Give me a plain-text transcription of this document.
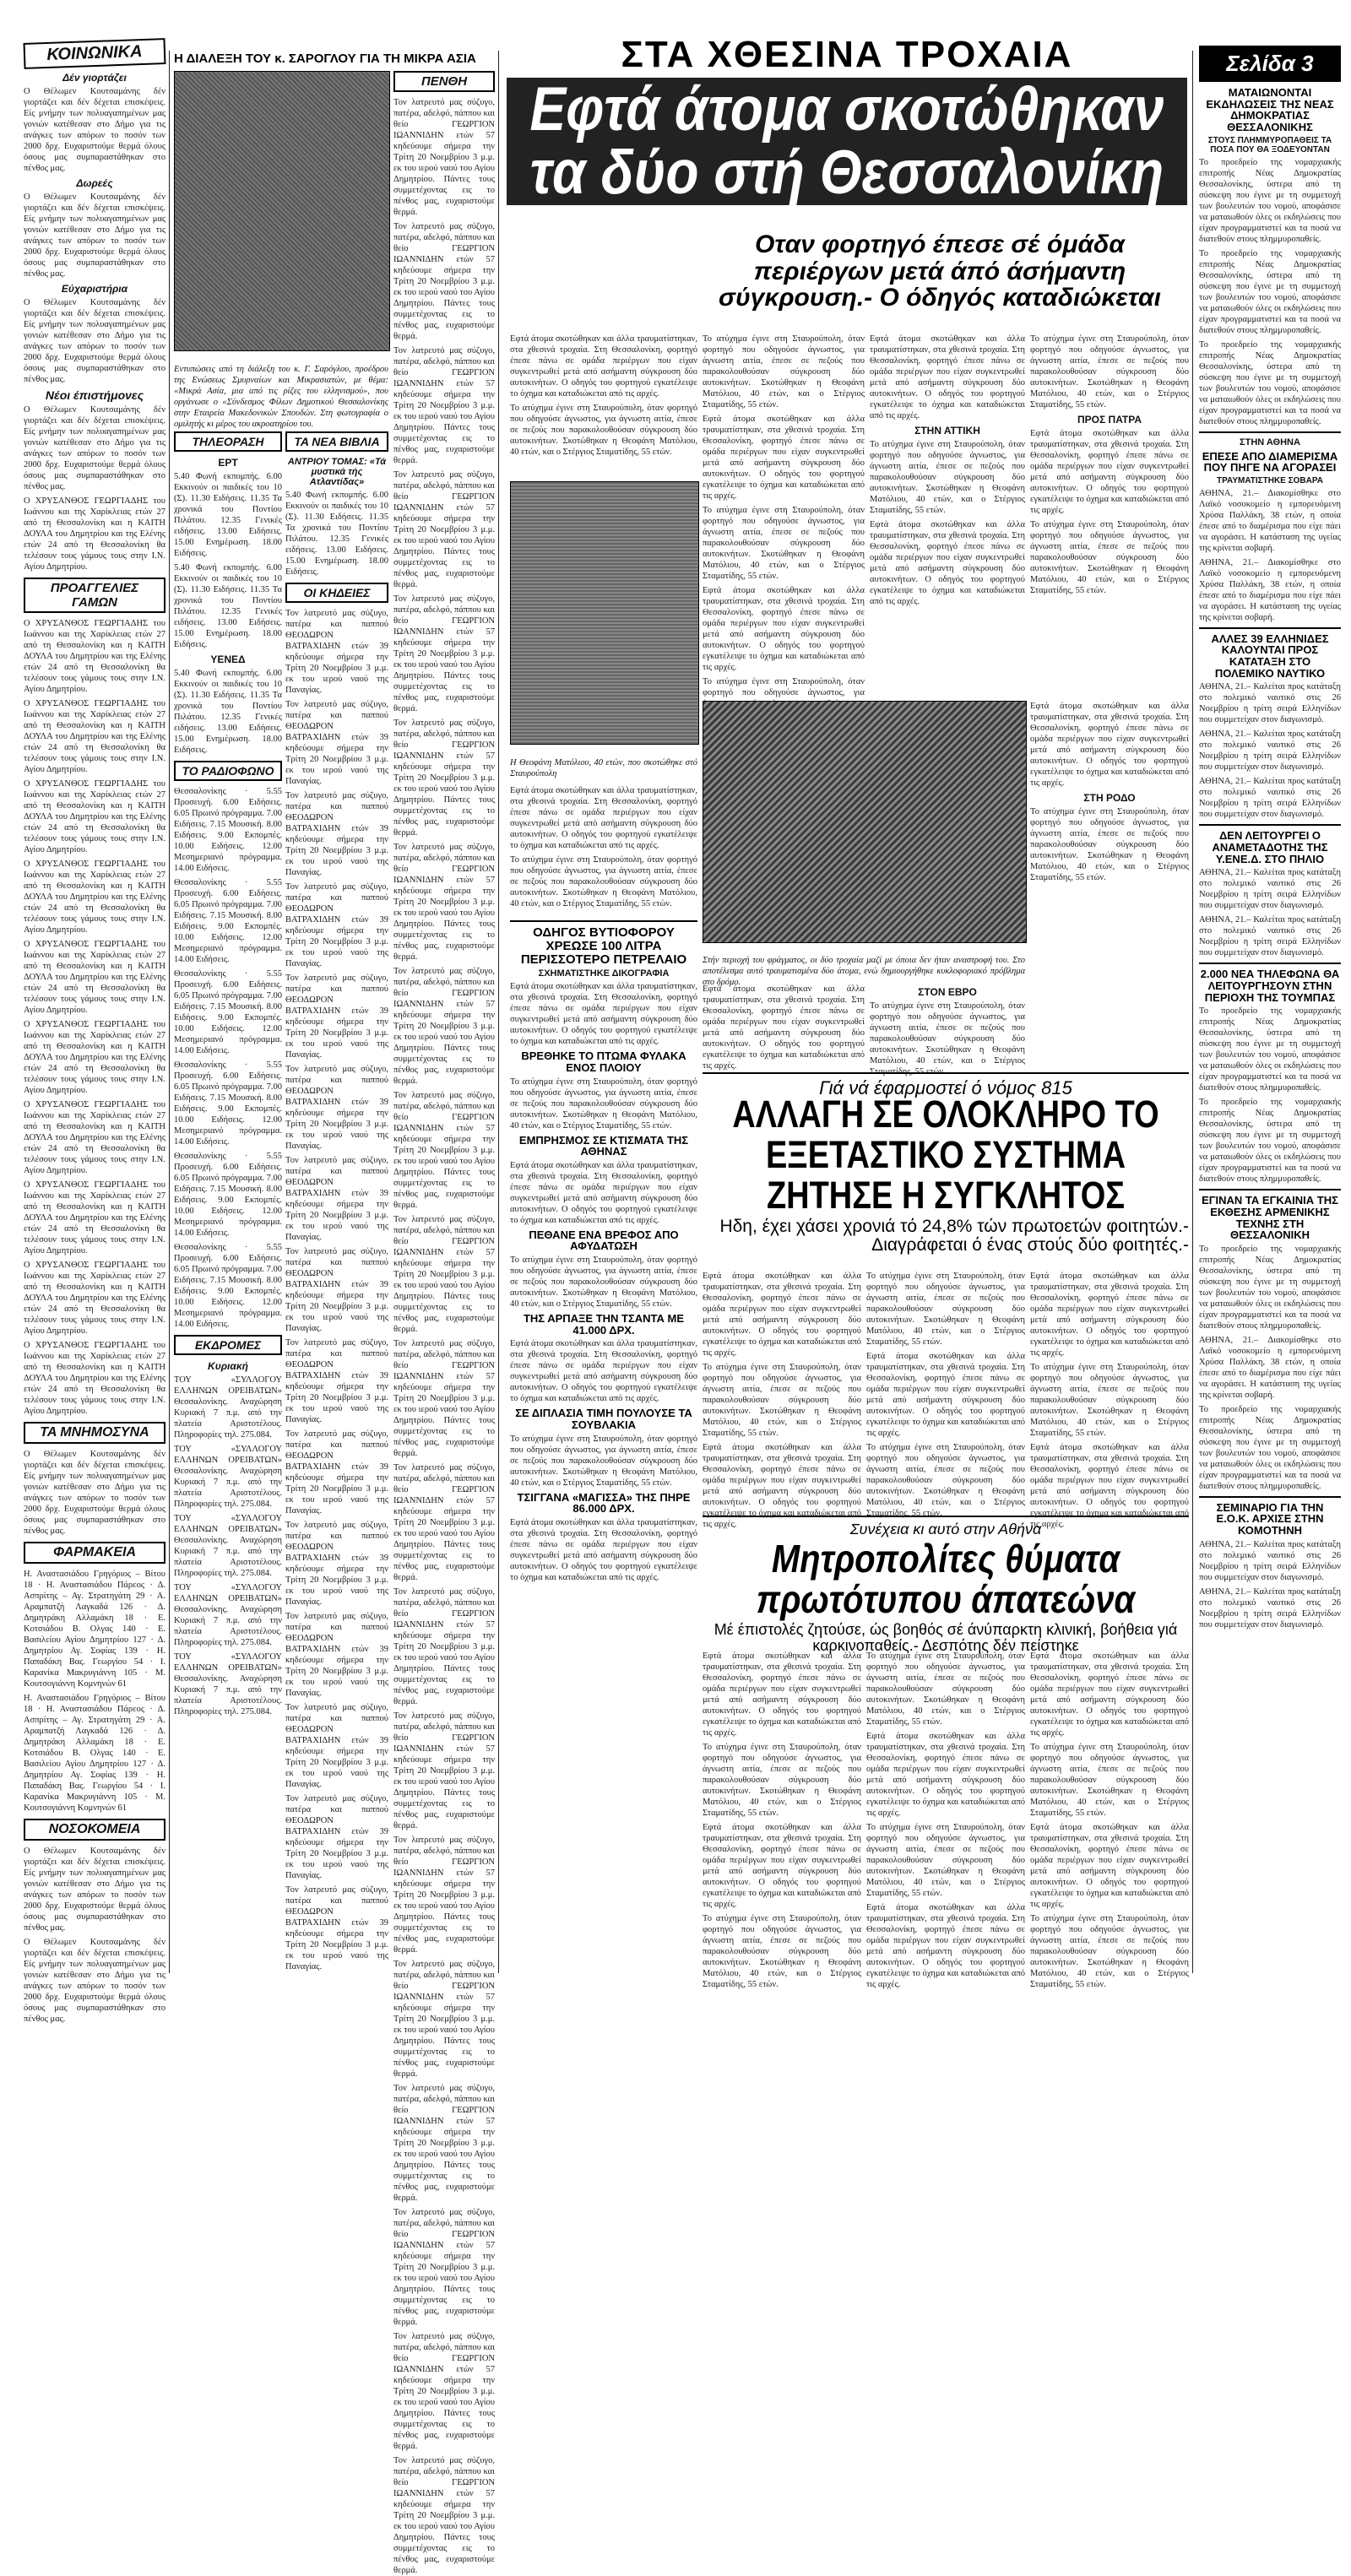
ΚΟΙΝΩΝΙΚΑ
Δέν γιορτάζει

Ο Θέλωμεν Κουτσαμάνης δέν γιορτάζει και δέν δέχεται επισκέψεις. Είς μνήμην των πολυαγαπημένων μας γονιών κατέθεσαν στο Δήμο για τις ανάγκες των απόρων το ποσόν των 2000 δρχ. Ευχαριστούμε θερμά όλους όσους μας συμπαραστάθηκαν στο πένθος μας.

Δωρεές

Ο Θέλωμεν Κουτσαμάνης δέν γιορτάζει και δέν δέχεται επισκέψεις. Είς μνήμην των πολυαγαπημένων μας γονιών κατέθεσαν στο Δήμο για τις ανάγκες των απόρων το ποσόν των 2000 δρχ. Ευχαριστούμε θερμά όλους όσους μας συμπαραστάθηκαν στο πένθος μας.

Εύχαριστήρια

Ο Θέλωμεν Κουτσαμάνης δέν γιορτάζει και δέν δέχεται επισκέψεις. Είς μνήμην των πολυαγαπημένων μας γονιών κατέθεσαν στο Δήμο για τις ανάγκες των απόρων το ποσόν των 2000 δρχ. Ευχαριστούμε θερμά όλους όσους μας συμπαραστάθηκαν στο πένθος μας.

Νέοι έπιστήμονες

Ο Θέλωμεν Κουτσαμάνης δέν γιορτάζει και δέν δέχεται επισκέψεις. Είς μνήμην των πολυαγαπημένων μας γονιών κατέθεσαν στο Δήμο για τις ανάγκες των απόρων το ποσόν των 2000 δρχ. Ευχαριστούμε θερμά όλους όσους μας συμπαραστάθηκαν στο πένθος μας.

Ο ΧΡΥΣΑΝΘΟΣ ΓΕΩΡΓΙΑΔΗΣ του Ιωάννου και της Χαρίκλειας ετών 27 από τη Θεσσαλονίκη και η ΚΑΙΤΗ ΔΟΥΛΑ του Δημητρίου και της Ελένης ετών 24 από τη Θεσσαλονίκη θα τελέσουν τους γάμους τους στην Ι.Ν. Αγίου Δημητρίου.

ΠΡΟΑΓΓΕΛΙΕΣ ΓΑΜΩΝ

Ο ΧΡΥΣΑΝΘΟΣ ΓΕΩΡΓΙΑΔΗΣ του Ιωάννου και της Χαρίκλειας ετών 27 από τη Θεσσαλονίκη και η ΚΑΙΤΗ ΔΟΥΛΑ του Δημητρίου και της Ελένης ετών 24 από τη Θεσσαλονίκη θα τελέσουν τους γάμους τους στην Ι.Ν. Αγίου Δημητρίου.

Ο ΧΡΥΣΑΝΘΟΣ ΓΕΩΡΓΙΑΔΗΣ του Ιωάννου και της Χαρίκλειας ετών 27 από τη Θεσσαλονίκη και η ΚΑΙΤΗ ΔΟΥΛΑ του Δημητρίου και της Ελένης ετών 24 από τη Θεσσαλονίκη θα τελέσουν τους γάμους τους στην Ι.Ν. Αγίου Δημητρίου.

Ο ΧΡΥΣΑΝΘΟΣ ΓΕΩΡΓΙΑΔΗΣ του Ιωάννου και της Χαρίκλειας ετών 27 από τη Θεσσαλονίκη και η ΚΑΙΤΗ ΔΟΥΛΑ του Δημητρίου και της Ελένης ετών 24 από τη Θεσσαλονίκη θα τελέσουν τους γάμους τους στην Ι.Ν. Αγίου Δημητρίου.

Ο ΧΡΥΣΑΝΘΟΣ ΓΕΩΡΓΙΑΔΗΣ του Ιωάννου και της Χαρίκλειας ετών 27 από τη Θεσσαλονίκη και η ΚΑΙΤΗ ΔΟΥΛΑ του Δημητρίου και της Ελένης ετών 24 από τη Θεσσαλονίκη θα τελέσουν τους γάμους τους στην Ι.Ν. Αγίου Δημητρίου.

Ο ΧΡΥΣΑΝΘΟΣ ΓΕΩΡΓΙΑΔΗΣ του Ιωάννου και της Χαρίκλειας ετών 27 από τη Θεσσαλονίκη και η ΚΑΙΤΗ ΔΟΥΛΑ του Δημητρίου και της Ελένης ετών 24 από τη Θεσσαλονίκη θα τελέσουν τους γάμους τους στην Ι.Ν. Αγίου Δημητρίου.

Ο ΧΡΥΣΑΝΘΟΣ ΓΕΩΡΓΙΑΔΗΣ του Ιωάννου και της Χαρίκλειας ετών 27 από τη Θεσσαλονίκη και η ΚΑΙΤΗ ΔΟΥΛΑ του Δημητρίου και της Ελένης ετών 24 από τη Θεσσαλονίκη θα τελέσουν τους γάμους τους στην Ι.Ν. Αγίου Δημητρίου.

Ο ΧΡΥΣΑΝΘΟΣ ΓΕΩΡΓΙΑΔΗΣ του Ιωάννου και της Χαρίκλειας ετών 27 από τη Θεσσαλονίκη και η ΚΑΙΤΗ ΔΟΥΛΑ του Δημητρίου και της Ελένης ετών 24 από τη Θεσσαλονίκη θα τελέσουν τους γάμους τους στην Ι.Ν. Αγίου Δημητρίου.

Ο ΧΡΥΣΑΝΘΟΣ ΓΕΩΡΓΙΑΔΗΣ του Ιωάννου και της Χαρίκλειας ετών 27 από τη Θεσσαλονίκη και η ΚΑΙΤΗ ΔΟΥΛΑ του Δημητρίου και της Ελένης ετών 24 από τη Θεσσαλονίκη θα τελέσουν τους γάμους τους στην Ι.Ν. Αγίου Δημητρίου.

Ο ΧΡΥΣΑΝΘΟΣ ΓΕΩΡΓΙΑΔΗΣ του Ιωάννου και της Χαρίκλειας ετών 27 από τη Θεσσαλονίκη και η ΚΑΙΤΗ ΔΟΥΛΑ του Δημητρίου και της Ελένης ετών 24 από τη Θεσσαλονίκη θα τελέσουν τους γάμους τους στην Ι.Ν. Αγίου Δημητρίου.

Ο ΧΡΥΣΑΝΘΟΣ ΓΕΩΡΓΙΑΔΗΣ του Ιωάννου και της Χαρίκλειας ετών 27 από τη Θεσσαλονίκη και η ΚΑΙΤΗ ΔΟΥΛΑ του Δημητρίου και της Ελένης ετών 24 από τη Θεσσαλονίκη θα τελέσουν τους γάμους τους στην Ι.Ν. Αγίου Δημητρίου.

ΤΑ ΜΝΗΜΟΣΥΝΑ

Ο Θέλωμεν Κουτσαμάνης δέν γιορτάζει και δέν δέχεται επισκέψεις. Είς μνήμην των πολυαγαπημένων μας γονιών κατέθεσαν στο Δήμο για τις ανάγκες των απόρων το ποσόν των 2000 δρχ. Ευχαριστούμε θερμά όλους όσους μας συμπαραστάθηκαν στο πένθος μας.

ΦΑΡΜΑΚΕΙΑ

Η. Αναστασιάδου Γρηγόριος – Βίτου 18 · Η. Αναστασιάδου Πάρεος · Δ. Ασπρίτης – Αγ. Στρατηγάτη 29 · Α. Αραμπατζή Λαγκαδά 126 · Δ. Δημητράκη Αλλαμάκη 18 · Ε. Κοτσιάδου Β. Ολγας 140 · Ε. Βασιλείου Αγίου Δημητρίου 127 · Δ. Δημητρίου Αγ. Σοφίας 139 · Η. Παπαδάκη Βας. Γεωργίου 54 · Ι. Καρανίκα Μακρυγιάννη 105 · Μ. Κουτσογιάννη Κομνηνών 61

Η. Αναστασιάδου Γρηγόριος – Βίτου 18 · Η. Αναστασιάδου Πάρεος · Δ. Ασπρίτης – Αγ. Στρατηγάτη 29 · Α. Αραμπατζή Λαγκαδά 126 · Δ. Δημητράκη Αλλαμάκη 18 · Ε. Κοτσιάδου Β. Ολγας 140 · Ε. Βασιλείου Αγίου Δημητρίου 127 · Δ. Δημητρίου Αγ. Σοφίας 139 · Η. Παπαδάκη Βας. Γεωργίου 54 · Ι. Καρανίκα Μακρυγιάννη 105 · Μ. Κουτσογιάννη Κομνηνών 61

ΝΟΣΟΚΟΜΕΙΑ

Ο Θέλωμεν Κουτσαμάνης δέν γιορτάζει και δέν δέχεται επισκέψεις. Είς μνήμην των πολυαγαπημένων μας γονιών κατέθεσαν στο Δήμο για τις ανάγκες των απόρων το ποσόν των 2000 δρχ. Ευχαριστούμε θερμά όλους όσους μας συμπαραστάθηκαν στο πένθος μας.

Ο Θέλωμεν Κουτσαμάνης δέν γιορτάζει και δέν δέχεται επισκέψεις. Είς μνήμην των πολυαγαπημένων μας γονιών κατέθεσαν στο Δήμο για τις ανάγκες των απόρων το ποσόν των 2000 δρχ. Ευχαριστούμε θερμά όλους όσους μας συμπαραστάθηκαν στο πένθος μας.

Η ΔΙΑΛΕΞΗ ΤΟΥ κ. ΣΑΡΟΓΛΟΥ ΓΙΑ ΤΗ ΜΙΚΡΑ ΑΣΙΑ

Εντυπώσεις από τη διάλεξη του κ. Γ. Σαρόγλου, προέδρου της Ενώσεως Σμυρναίων και Μικρασιατών, με θέμα: «Μικρά Ασία, μια από τις ρίζες του ελληνισμού», που οργάνωσε ο «Σύνδεσμος Φίλων Δημοτικού Θεσσαλονίκης στην Εταιρεία Μακεδονικών Σπουδών. Στη φωτογραφία ο ομιλητής κι μέρος του ακροατηρίου του.

ΠΕΝΘΗ

Τον λατρευτό μας σύζυγο, πατέρα, αδελφό, πάππου και θείο ΓΕΩΡΓΙΟΝ ΙΩΑΝΝΙΔΗΝ ετών 57 κηδεύουμε σήμερα την Τρίτη 20 Νοεμβρίου 3 μ.μ. εκ του ιερού ναού του Αγίου Δημητρίου. Πάντες τους συμμετέχοντας εις το πένθος μας, ευχαριστούμε θερμά.

Τον λατρευτό μας σύζυγο, πατέρα, αδελφό, πάππου και θείο ΓΕΩΡΓΙΟΝ ΙΩΑΝΝΙΔΗΝ ετών 57 κηδεύουμε σήμερα την Τρίτη 20 Νοεμβρίου 3 μ.μ. εκ του ιερού ναού του Αγίου Δημητρίου. Πάντες τους συμμετέχοντας εις το πένθος μας, ευχαριστούμε θερμά.

Τον λατρευτό μας σύζυγο, πατέρα, αδελφό, πάππου και θείο ΓΕΩΡΓΙΟΝ ΙΩΑΝΝΙΔΗΝ ετών 57 κηδεύουμε σήμερα την Τρίτη 20 Νοεμβρίου 3 μ.μ. εκ του ιερού ναού του Αγίου Δημητρίου. Πάντες τους συμμετέχοντας εις το πένθος μας, ευχαριστούμε θερμά.

Τον λατρευτό μας σύζυγο, πατέρα, αδελφό, πάππου και θείο ΓΕΩΡΓΙΟΝ ΙΩΑΝΝΙΔΗΝ ετών 57 κηδεύουμε σήμερα την Τρίτη 20 Νοεμβρίου 3 μ.μ. εκ του ιερού ναού του Αγίου Δημητρίου. Πάντες τους συμμετέχοντας εις το πένθος μας, ευχαριστούμε θερμά.

Τον λατρευτό μας σύζυγο, πατέρα, αδελφό, πάππου και θείο ΓΕΩΡΓΙΟΝ ΙΩΑΝΝΙΔΗΝ ετών 57 κηδεύουμε σήμερα την Τρίτη 20 Νοεμβρίου 3 μ.μ. εκ του ιερού ναού του Αγίου Δημητρίου. Πάντες τους συμμετέχοντας εις το πένθος μας, ευχαριστούμε θερμά.

Τον λατρευτό μας σύζυγο, πατέρα, αδελφό, πάππου και θείο ΓΕΩΡΓΙΟΝ ΙΩΑΝΝΙΔΗΝ ετών 57 κηδεύουμε σήμερα την Τρίτη 20 Νοεμβρίου 3 μ.μ. εκ του ιερού ναού του Αγίου Δημητρίου. Πάντες τους συμμετέχοντας εις το πένθος μας, ευχαριστούμε θερμά.

Τον λατρευτό μας σύζυγο, πατέρα, αδελφό, πάππου και θείο ΓΕΩΡΓΙΟΝ ΙΩΑΝΝΙΔΗΝ ετών 57 κηδεύουμε σήμερα την Τρίτη 20 Νοεμβρίου 3 μ.μ. εκ του ιερού ναού του Αγίου Δημητρίου. Πάντες τους συμμετέχοντας εις το πένθος μας, ευχαριστούμε θερμά.

Τον λατρευτό μας σύζυγο, πατέρα, αδελφό, πάππου και θείο ΓΕΩΡΓΙΟΝ ΙΩΑΝΝΙΔΗΝ ετών 57 κηδεύουμε σήμερα την Τρίτη 20 Νοεμβρίου 3 μ.μ. εκ του ιερού ναού του Αγίου Δημητρίου. Πάντες τους συμμετέχοντας εις το πένθος μας, ευχαριστούμε θερμά.

Τον λατρευτό μας σύζυγο, πατέρα, αδελφό, πάππου και θείο ΓΕΩΡΓΙΟΝ ΙΩΑΝΝΙΔΗΝ ετών 57 κηδεύουμε σήμερα την Τρίτη 20 Νοεμβρίου 3 μ.μ. εκ του ιερού ναού του Αγίου Δημητρίου. Πάντες τους συμμετέχοντας εις το πένθος μας, ευχαριστούμε θερμά.

Τον λατρευτό μας σύζυγο, πατέρα, αδελφό, πάππου και θείο ΓΕΩΡΓΙΟΝ ΙΩΑΝΝΙΔΗΝ ετών 57 κηδεύουμε σήμερα την Τρίτη 20 Νοεμβρίου 3 μ.μ. εκ του ιερού ναού του Αγίου Δημητρίου. Πάντες τους συμμετέχοντας εις το πένθος μας, ευχαριστούμε θερμά.

Τον λατρευτό μας σύζυγο, πατέρα, αδελφό, πάππου και θείο ΓΕΩΡΓΙΟΝ ΙΩΑΝΝΙΔΗΝ ετών 57 κηδεύουμε σήμερα την Τρίτη 20 Νοεμβρίου 3 μ.μ. εκ του ιερού ναού του Αγίου Δημητρίου. Πάντες τους συμμετέχοντας εις το πένθος μας, ευχαριστούμε θερμά.

Τον λατρευτό μας σύζυγο, πατέρα, αδελφό, πάππου και θείο ΓΕΩΡΓΙΟΝ ΙΩΑΝΝΙΔΗΝ ετών 57 κηδεύουμε σήμερα την Τρίτη 20 Νοεμβρίου 3 μ.μ. εκ του ιερού ναού του Αγίου Δημητρίου. Πάντες τους συμμετέχοντας εις το πένθος μας, ευχαριστούμε θερμά.

Τον λατρευτό μας σύζυγο, πατέρα, αδελφό, πάππου και θείο ΓΕΩΡΓΙΟΝ ΙΩΑΝΝΙΔΗΝ ετών 57 κηδεύουμε σήμερα την Τρίτη 20 Νοεμβρίου 3 μ.μ. εκ του ιερού ναού του Αγίου Δημητρίου. Πάντες τους συμμετέχοντας εις το πένθος μας, ευχαριστούμε θερμά.

Τον λατρευτό μας σύζυγο, πατέρα, αδελφό, πάππου και θείο ΓΕΩΡΓΙΟΝ ΙΩΑΝΝΙΔΗΝ ετών 57 κηδεύουμε σήμερα την Τρίτη 20 Νοεμβρίου 3 μ.μ. εκ του ιερού ναού του Αγίου Δημητρίου. Πάντες τους συμμετέχοντας εις το πένθος μας, ευχαριστούμε θερμά.

Τον λατρευτό μας σύζυγο, πατέρα, αδελφό, πάππου και θείο ΓΕΩΡΓΙΟΝ ΙΩΑΝΝΙΔΗΝ ετών 57 κηδεύουμε σήμερα την Τρίτη 20 Νοεμβρίου 3 μ.μ. εκ του ιερού ναού του Αγίου Δημητρίου. Πάντες τους συμμετέχοντας εις το πένθος μας, ευχαριστούμε θερμά.

Τον λατρευτό μας σύζυγο, πατέρα, αδελφό, πάππου και θείο ΓΕΩΡΓΙΟΝ ΙΩΑΝΝΙΔΗΝ ετών 57 κηδεύουμε σήμερα την Τρίτη 20 Νοεμβρίου 3 μ.μ. εκ του ιερού ναού του Αγίου Δημητρίου. Πάντες τους συμμετέχοντας εις το πένθος μας, ευχαριστούμε θερμά.

Τον λατρευτό μας σύζυγο, πατέρα, αδελφό, πάππου και θείο ΓΕΩΡΓΙΟΝ ΙΩΑΝΝΙΔΗΝ ετών 57 κηδεύουμε σήμερα την Τρίτη 20 Νοεμβρίου 3 μ.μ. εκ του ιερού ναού του Αγίου Δημητρίου. Πάντες τους συμμετέχοντας εις το πένθος μας, ευχαριστούμε θερμά.

Τον λατρευτό μας σύζυγο, πατέρα, αδελφό, πάππου και θείο ΓΕΩΡΓΙΟΝ ΙΩΑΝΝΙΔΗΝ ετών 57 κηδεύουμε σήμερα την Τρίτη 20 Νοεμβρίου 3 μ.μ. εκ του ιερού ναού του Αγίου Δημητρίου. Πάντες τους συμμετέχοντας εις το πένθος μας, ευχαριστούμε θερμά.

Τον λατρευτό μας σύζυγο, πατέρα, αδελφό, πάππου και θείο ΓΕΩΡΓΙΟΝ ΙΩΑΝΝΙΔΗΝ ετών 57 κηδεύουμε σήμερα την Τρίτη 20 Νοεμβρίου 3 μ.μ. εκ του ιερού ναού του Αγίου Δημητρίου. Πάντες τους συμμετέχοντας εις το πένθος μας, ευχαριστούμε θερμά.

Τον λατρευτό μας σύζυγο, πατέρα, αδελφό, πάππου και θείο ΓΕΩΡΓΙΟΝ ΙΩΑΝΝΙΔΗΝ ετών 57 κηδεύουμε σήμερα την Τρίτη 20 Νοεμβρίου 3 μ.μ. εκ του ιερού ναού του Αγίου Δημητρίου. Πάντες τους συμμετέχοντας εις το πένθος μας, ευχαριστούμε θερμά.

ΤΗΛΕΟΡΑΣΗ
ΕΡΤ

5.40 Φωνή εκπομπής. 6.00 Εκκινούν οι παιδικές του 10 (Σ). 11.30 Ειδήσεις. 11.35 Τα χρονικά του Ποντίου Πιλάτου. 12.35 Γενικές ειδήσεις. 13.00 Ειδήσεις. 15.00 Ενημέρωση. 18.00 Ειδήσεις.

5.40 Φωνή εκπομπής. 6.00 Εκκινούν οι παιδικές του 10 (Σ). 11.30 Ειδήσεις. 11.35 Τα χρονικά του Ποντίου Πιλάτου. 12.35 Γενικές ειδήσεις. 13.00 Ειδήσεις. 15.00 Ενημέρωση. 18.00 Ειδήσεις.

ΥΕΝΕΔ

5.40 Φωνή εκπομπής. 6.00 Εκκινούν οι παιδικές του 10 (Σ). 11.30 Ειδήσεις. 11.35 Τα χρονικά του Ποντίου Πιλάτου. 12.35 Γενικές ειδήσεις. 13.00 Ειδήσεις. 15.00 Ενημέρωση. 18.00 Ειδήσεις.

ΤΟ ΡΑΔΙΟΦΩΝΟ

Θεσσαλονίκης · 5.55 Προσευχή. 6.00 Ειδήσεις. 6.05 Πρωινό πρόγραμμα. 7.00 Ειδήσεις. 7.15 Μουσική. 8.00 Ειδήσεις. 9.00 Εκπομπές. 10.00 Ειδήσεις. 12.00 Μεσημεριανό πρόγραμμα. 14.00 Ειδήσεις.

Θεσσαλονίκης · 5.55 Προσευχή. 6.00 Ειδήσεις. 6.05 Πρωινό πρόγραμμα. 7.00 Ειδήσεις. 7.15 Μουσική. 8.00 Ειδήσεις. 9.00 Εκπομπές. 10.00 Ειδήσεις. 12.00 Μεσημεριανό πρόγραμμα. 14.00 Ειδήσεις.

Θεσσαλονίκης · 5.55 Προσευχή. 6.00 Ειδήσεις. 6.05 Πρωινό πρόγραμμα. 7.00 Ειδήσεις. 7.15 Μουσική. 8.00 Ειδήσεις. 9.00 Εκπομπές. 10.00 Ειδήσεις. 12.00 Μεσημεριανό πρόγραμμα. 14.00 Ειδήσεις.

Θεσσαλονίκης · 5.55 Προσευχή. 6.00 Ειδήσεις. 6.05 Πρωινό πρόγραμμα. 7.00 Ειδήσεις. 7.15 Μουσική. 8.00 Ειδήσεις. 9.00 Εκπομπές. 10.00 Ειδήσεις. 12.00 Μεσημεριανό πρόγραμμα. 14.00 Ειδήσεις.

Θεσσαλονίκης · 5.55 Προσευχή. 6.00 Ειδήσεις. 6.05 Πρωινό πρόγραμμα. 7.00 Ειδήσεις. 7.15 Μουσική. 8.00 Ειδήσεις. 9.00 Εκπομπές. 10.00 Ειδήσεις. 12.00 Μεσημεριανό πρόγραμμα. 14.00 Ειδήσεις.

Θεσσαλονίκης · 5.55 Προσευχή. 6.00 Ειδήσεις. 6.05 Πρωινό πρόγραμμα. 7.00 Ειδήσεις. 7.15 Μουσική. 8.00 Ειδήσεις. 9.00 Εκπομπές. 10.00 Ειδήσεις. 12.00 Μεσημεριανό πρόγραμμα. 14.00 Ειδήσεις.

ΕΚΔΡΟΜΕΣ
Κυριακή

ΤΟΥ «ΣΥΛΛΟΓΟΥ ΕΛΛΗΝΩΝ ΟΡΕΙΒΑΤΩΝ» Θεσσαλονίκης. Αναχώρηση Κυριακή 7 π.μ. από την πλατεία Αριστοτέλους. Πληροφορίες τηλ. 275.084.

ΤΟΥ «ΣΥΛΛΟΓΟΥ ΕΛΛΗΝΩΝ ΟΡΕΙΒΑΤΩΝ» Θεσσαλονίκης. Αναχώρηση Κυριακή 7 π.μ. από την πλατεία Αριστοτέλους. Πληροφορίες τηλ. 275.084.

ΤΟΥ «ΣΥΛΛΟΓΟΥ ΕΛΛΗΝΩΝ ΟΡΕΙΒΑΤΩΝ» Θεσσαλονίκης. Αναχώρηση Κυριακή 7 π.μ. από την πλατεία Αριστοτέλους. Πληροφορίες τηλ. 275.084.

ΤΟΥ «ΣΥΛΛΟΓΟΥ ΕΛΛΗΝΩΝ ΟΡΕΙΒΑΤΩΝ» Θεσσαλονίκης. Αναχώρηση Κυριακή 7 π.μ. από την πλατεία Αριστοτέλους. Πληροφορίες τηλ. 275.084.

ΤΟΥ «ΣΥΛΛΟΓΟΥ ΕΛΛΗΝΩΝ ΟΡΕΙΒΑΤΩΝ» Θεσσαλονίκης. Αναχώρηση Κυριακή 7 π.μ. από την πλατεία Αριστοτέλους. Πληροφορίες τηλ. 275.084.

ΤΑ ΝΕΑ ΒΙΒΛΙΑ
ΑΝΤΡΙΟΥ ΤΟΜΑΣ: «Τά μυστικά τής Ατλαντίδας»

5.40 Φωνή εκπομπής. 6.00 Εκκινούν οι παιδικές του 10 (Σ). 11.30 Ειδήσεις. 11.35 Τα χρονικά του Ποντίου Πιλάτου. 12.35 Γενικές ειδήσεις. 13.00 Ειδήσεις. 15.00 Ενημέρωση. 18.00 Ειδήσεις.

ΟΙ ΚΗΔΕΙΕΣ

Τον λατρευτό μας σύζυγο, πατέρα και παππού ΘΕΟΔΩΡΟΝ ΒΑΤΡΑΧΙΔΗΝ ετών 39 κηδεύουμε σήμερα την Τρίτη 20 Νοεμβρίου 3 μ.μ. εκ του ιερού ναού της Παναγίας.

Τον λατρευτό μας σύζυγο, πατέρα και παππού ΘΕΟΔΩΡΟΝ ΒΑΤΡΑΧΙΔΗΝ ετών 39 κηδεύουμε σήμερα την Τρίτη 20 Νοεμβρίου 3 μ.μ. εκ του ιερού ναού της Παναγίας.

Τον λατρευτό μας σύζυγο, πατέρα και παππού ΘΕΟΔΩΡΟΝ ΒΑΤΡΑΧΙΔΗΝ ετών 39 κηδεύουμε σήμερα την Τρίτη 20 Νοεμβρίου 3 μ.μ. εκ του ιερού ναού της Παναγίας.

Τον λατρευτό μας σύζυγο, πατέρα και παππού ΘΕΟΔΩΡΟΝ ΒΑΤΡΑΧΙΔΗΝ ετών 39 κηδεύουμε σήμερα την Τρίτη 20 Νοεμβρίου 3 μ.μ. εκ του ιερού ναού της Παναγίας.

Τον λατρευτό μας σύζυγο, πατέρα και παππού ΘΕΟΔΩΡΟΝ ΒΑΤΡΑΧΙΔΗΝ ετών 39 κηδεύουμε σήμερα την Τρίτη 20 Νοεμβρίου 3 μ.μ. εκ του ιερού ναού της Παναγίας.

Τον λατρευτό μας σύζυγο, πατέρα και παππού ΘΕΟΔΩΡΟΝ ΒΑΤΡΑΧΙΔΗΝ ετών 39 κηδεύουμε σήμερα την Τρίτη 20 Νοεμβρίου 3 μ.μ. εκ του ιερού ναού της Παναγίας.

Τον λατρευτό μας σύζυγο, πατέρα και παππού ΘΕΟΔΩΡΟΝ ΒΑΤΡΑΧΙΔΗΝ ετών 39 κηδεύουμε σήμερα την Τρίτη 20 Νοεμβρίου 3 μ.μ. εκ του ιερού ναού της Παναγίας.

Τον λατρευτό μας σύζυγο, πατέρα και παππού ΘΕΟΔΩΡΟΝ ΒΑΤΡΑΧΙΔΗΝ ετών 39 κηδεύουμε σήμερα την Τρίτη 20 Νοεμβρίου 3 μ.μ. εκ του ιερού ναού της Παναγίας.

Τον λατρευτό μας σύζυγο, πατέρα και παππού ΘΕΟΔΩΡΟΝ ΒΑΤΡΑΧΙΔΗΝ ετών 39 κηδεύουμε σήμερα την Τρίτη 20 Νοεμβρίου 3 μ.μ. εκ του ιερού ναού της Παναγίας.

Τον λατρευτό μας σύζυγο, πατέρα και παππού ΘΕΟΔΩΡΟΝ ΒΑΤΡΑΧΙΔΗΝ ετών 39 κηδεύουμε σήμερα την Τρίτη 20 Νοεμβρίου 3 μ.μ. εκ του ιερού ναού της Παναγίας.

Τον λατρευτό μας σύζυγο, πατέρα και παππού ΘΕΟΔΩΡΟΝ ΒΑΤΡΑΧΙΔΗΝ ετών 39 κηδεύουμε σήμερα την Τρίτη 20 Νοεμβρίου 3 μ.μ. εκ του ιερού ναού της Παναγίας.

Τον λατρευτό μας σύζυγο, πατέρα και παππού ΘΕΟΔΩΡΟΝ ΒΑΤΡΑΧΙΔΗΝ ετών 39 κηδεύουμε σήμερα την Τρίτη 20 Νοεμβρίου 3 μ.μ. εκ του ιερού ναού της Παναγίας.

Τον λατρευτό μας σύζυγο, πατέρα και παππού ΘΕΟΔΩΡΟΝ ΒΑΤΡΑΧΙΔΗΝ ετών 39 κηδεύουμε σήμερα την Τρίτη 20 Νοεμβρίου 3 μ.μ. εκ του ιερού ναού της Παναγίας.

Τον λατρευτό μας σύζυγο, πατέρα και παππού ΘΕΟΔΩΡΟΝ ΒΑΤΡΑΧΙΔΗΝ ετών 39 κηδεύουμε σήμερα την Τρίτη 20 Νοεμβρίου 3 μ.μ. εκ του ιερού ναού της Παναγίας.

Τον λατρευτό μας σύζυγο, πατέρα και παππού ΘΕΟΔΩΡΟΝ ΒΑΤΡΑΧΙΔΗΝ ετών 39 κηδεύουμε σήμερα την Τρίτη 20 Νοεμβρίου 3 μ.μ. εκ του ιερού ναού της Παναγίας.

ΣΤΑ ΧΘΕΣΙΝΑ ΤΡΟΧΑΙΑ
Εφτά άτομα σκοτώθηκαν
τα δύο στή Θεσσαλονίκη
Οταν φορτηγό έπεσε σέ όμάδα περιέργων μετά άπό άσήμαντη σύγκρουση.- Ο όδηγός καταδιώκεται

Η Θεοφάνη Ματόλιου, 40 ετών, που σκοτώθηκε στό Σταυρούπολη

Εφτά άτομα σκοτώθηκαν και άλλα τραυματίστηκαν, στα χθεσινά τροχαία. Στη Θεσσαλονίκη, φορτηγό έπεσε πάνω σε ομάδα περιέργων που είχαν συγκεντρωθεί μετά από ασήμαντη σύγκρουση δύο αυτοκινήτων. Ο οδηγός του φορτηγού εγκατέλειψε το όχημα και καταδιώκεται από τις αρχές.

Το ατύχημα έγινε στη Σταυρούπολη, όταν φορτηγό που οδηγούσε άγνωστος, για άγνωστη αιτία, έπεσε σε πεζούς που παρακολουθούσαν σύγκρουση δύο αυτοκινήτων. Σκοτώθηκαν η Θεοφάνη Ματόλιου, 40 ετών, και ο Στέργιος Σταματίδης, 55 ετών.

Το ατύχημα έγινε στη Σταυρούπολη, όταν φορτηγό που οδηγούσε άγνωστος, για άγνωστη αιτία, έπεσε σε πεζούς που παρακολουθούσαν σύγκρουση δύο αυτοκινήτων. Σκοτώθηκαν η Θεοφάνη Ματόλιου, 40 ετών, και ο Στέργιος Σταματίδης, 55 ετών.

Εφτά άτομα σκοτώθηκαν και άλλα τραυματίστηκαν, στα χθεσινά τροχαία. Στη Θεσσαλονίκη, φορτηγό έπεσε πάνω σε ομάδα περιέργων που είχαν συγκεντρωθεί μετά από ασήμαντη σύγκρουση δύο αυτοκινήτων. Ο οδηγός του φορτηγού εγκατέλειψε το όχημα και καταδιώκεται από τις αρχές.

Το ατύχημα έγινε στη Σταυρούπολη, όταν φορτηγό που οδηγούσε άγνωστος, για άγνωστη αιτία, έπεσε σε πεζούς που παρακολουθούσαν σύγκρουση δύο αυτοκινήτων. Σκοτώθηκαν η Θεοφάνη Ματόλιου, 40 ετών, και ο Στέργιος Σταματίδης, 55 ετών.

Εφτά άτομα σκοτώθηκαν και άλλα τραυματίστηκαν, στα χθεσινά τροχαία. Στη Θεσσαλονίκη, φορτηγό έπεσε πάνω σε ομάδα περιέργων που είχαν συγκεντρωθεί μετά από ασήμαντη σύγκρουση δύο αυτοκινήτων. Ο οδηγός του φορτηγού εγκατέλειψε το όχημα και καταδιώκεται από τις αρχές.

Το ατύχημα έγινε στη Σταυρούπολη, όταν φορτηγό που οδηγούσε άγνωστος, για

Εφτά άτομα σκοτώθηκαν και άλλα τραυματίστηκαν, στα χθεσινά τροχαία. Στη Θεσσαλονίκη, φορτηγό έπεσε πάνω σε ομάδα περιέργων που είχαν συγκεντρωθεί μετά από ασήμαντη σύγκρουση δύο αυτοκινήτων. Ο οδηγός του φορτηγού εγκατέλειψε το όχημα και καταδιώκεται από τις αρχές.

ΣΤΗΝ ΑΤΤΙΚΗ

Το ατύχημα έγινε στη Σταυρούπολη, όταν φορτηγό που οδηγούσε άγνωστος, για άγνωστη αιτία, έπεσε σε πεζούς που παρακολουθούσαν σύγκρουση δύο αυτοκινήτων. Σκοτώθηκαν η Θεοφάνη Ματόλιου, 40 ετών, και ο Στέργιος Σταματίδης, 55 ετών.

Εφτά άτομα σκοτώθηκαν και άλλα τραυματίστηκαν, στα χθεσινά τροχαία. Στη Θεσσαλονίκη, φορτηγό έπεσε πάνω σε ομάδα περιέργων που είχαν συγκεντρωθεί μετά από ασήμαντη σύγκρουση δύο αυτοκινήτων. Ο οδηγός του φορτηγού εγκατέλειψε το όχημα και καταδιώκεται από τις αρχές.

Το ατύχημα έγινε στη Σταυρούπολη, όταν φορτηγό που οδηγούσε άγνωστος, για άγνωστη αιτία, έπεσε σε πεζούς που παρακολουθούσαν σύγκρουση δύο αυτοκινήτων. Σκοτώθηκαν η Θεοφάνη Ματόλιου, 40 ετών, και ο Στέργιος Σταματίδης, 55 ετών.

ΠΡΟΣ ΠΑΤΡΑ

Εφτά άτομα σκοτώθηκαν και άλλα τραυματίστηκαν, στα χθεσινά τροχαία. Στη Θεσσαλονίκη, φορτηγό έπεσε πάνω σε ομάδα περιέργων που είχαν συγκεντρωθεί μετά από ασήμαντη σύγκρουση δύο αυτοκινήτων. Ο οδηγός του φορτηγού εγκατέλειψε το όχημα και καταδιώκεται από τις αρχές.

Το ατύχημα έγινε στη Σταυρούπολη, όταν φορτηγό που οδηγούσε άγνωστος, για άγνωστη αιτία, έπεσε σε πεζούς που παρακολουθούσαν σύγκρουση δύο αυτοκινήτων. Σκοτώθηκαν η Θεοφάνη Ματόλιου, 40 ετών, και ο Στέργιος Σταματίδης, 55 ετών.

Στήν περιοχή του φράγματος, οι δύο τροχαία μαζί με όποια δεν ήταν αναστροφή του. Στο αποτέλεσμα αυτό τραυματισμένα δύο άτομα, ενώ δημιουργήθηκε κυκλοφοριακό πρόβλημα στο δρόμο.

Εφτά άτομα σκοτώθηκαν και άλλα τραυματίστηκαν, στα χθεσινά τροχαία. Στη Θεσσαλονίκη, φορτηγό έπεσε πάνω σε ομάδα περιέργων που είχαν συγκεντρωθεί μετά από ασήμαντη σύγκρουση δύο αυτοκινήτων. Ο οδηγός του φορτηγού εγκατέλειψε το όχημα και καταδιώκεται από τις αρχές.

ΣΤΗ ΡΟΔΟ

Το ατύχημα έγινε στη Σταυρούπολη, όταν φορτηγό που οδηγούσε άγνωστος, για άγνωστη αιτία, έπεσε σε πεζούς που παρακολουθούσαν σύγκρουση δύο αυτοκινήτων. Σκοτώθηκαν η Θεοφάνη Ματόλιου, 40 ετών, και ο Στέργιος Σταματίδης, 55 ετών.

Εφτά άτομα σκοτώθηκαν και άλλα τραυματίστηκαν, στα χθεσινά τροχαία. Στη Θεσσαλονίκη, φορτηγό έπεσε πάνω σε ομάδα περιέργων που είχαν συγκεντρωθεί μετά από ασήμαντη σύγκρουση δύο αυτοκινήτων. Ο οδηγός του φορτηγού εγκατέλειψε το όχημα και καταδιώκεται από τις αρχές.

Το ατύχημα έγινε στη Σταυρούπολη, όταν φορτηγό που οδηγούσε άγνωστος, για άγνωστη αιτία, έπεσε σε πεζούς που παρακολουθούσαν σύγκρουση δύο αυτοκινήτων. Σκοτώθηκαν η Θεοφάνη Ματόλιου, 40 ετών, και ο Στέργιος Σταματίδης, 55 ετών.

Εφτά άτομα σκοτώθηκαν και άλλα τραυματίστηκαν, στα χθεσινά τροχαία. Στη Θεσσαλονίκη, φορτηγό έπεσε πάνω σε ομάδα περιέργων που είχαν συγκεντρωθεί μετά από ασήμαντη σύγκρουση δύο αυτοκινήτων. Ο οδηγός του φορτηγού εγκατέλειψε το όχημα και καταδιώκεται από τις αρχές.

ΣΤΟΝ ΕΒΡΟ

Το ατύχημα έγινε στη Σταυρούπολη, όταν φορτηγό που οδηγούσε άγνωστος, για άγνωστη αιτία, έπεσε σε πεζούς που παρακολουθούσαν σύγκρουση δύο αυτοκινήτων. Σκοτώθηκαν η Θεοφάνη Ματόλιου, 40 ετών, και ο Στέργιος Σταματίδης, 55 ετών.

ΟΔΗΓΟΣ ΒΥΤΙΟΦΟΡΟΥ ΧΡΕΩΣΕ 100 ΛΙΤΡΑ ΠΕΡΙΣΣΟΤΕΡΟ ΠΕΤΡΕΛΑΙΟ
ΣΧΗΜΑΤΙΣΤΗΚΕ ΔΙΚΟΓΡΑΦΙΑ

Εφτά άτομα σκοτώθηκαν και άλλα τραυματίστηκαν, στα χθεσινά τροχαία. Στη Θεσσαλονίκη, φορτηγό έπεσε πάνω σε ομάδα περιέργων που είχαν συγκεντρωθεί μετά από ασήμαντη σύγκρουση δύο αυτοκινήτων. Ο οδηγός του φορτηγού εγκατέλειψε το όχημα και καταδιώκεται από τις αρχές.

ΒΡΕΘΗΚΕ ΤΟ ΠΤΩΜΑ ΦΥΛΑΚΑ ΕΝΟΣ ΠΛΟΙΟΥ

Το ατύχημα έγινε στη Σταυρούπολη, όταν φορτηγό που οδηγούσε άγνωστος, για άγνωστη αιτία, έπεσε σε πεζούς που παρακολουθούσαν σύγκρουση δύο αυτοκινήτων. Σκοτώθηκαν η Θεοφάνη Ματόλιου, 40 ετών, και ο Στέργιος Σταματίδης, 55 ετών.

ΕΜΠΡΗΣΜΟΣ ΣΕ ΚΤΙΣΜΑΤΑ ΤΗΣ ΑΘΗΝΑΣ

Εφτά άτομα σκοτώθηκαν και άλλα τραυματίστηκαν, στα χθεσινά τροχαία. Στη Θεσσαλονίκη, φορτηγό έπεσε πάνω σε ομάδα περιέργων που είχαν συγκεντρωθεί μετά από ασήμαντη σύγκρουση δύο αυτοκινήτων. Ο οδηγός του φορτηγού εγκατέλειψε το όχημα και καταδιώκεται από τις αρχές.

ΠΕΘΑΝΕ ΕΝΑ ΒΡΕΦΟΣ ΑΠΟ ΑΦΥΔΑΤΩΣΗ

Το ατύχημα έγινε στη Σταυρούπολη, όταν φορτηγό που οδηγούσε άγνωστος, για άγνωστη αιτία, έπεσε σε πεζούς που παρακολουθούσαν σύγκρουση δύο αυτοκινήτων. Σκοτώθηκαν η Θεοφάνη Ματόλιου, 40 ετών, και ο Στέργιος Σταματίδης, 55 ετών.

ΤΗΣ ΑΡΠΑΞΕ ΤΗΝ ΤΣΑΝΤΑ ΜΕ 41.000 ΔΡΧ.

Εφτά άτομα σκοτώθηκαν και άλλα τραυματίστηκαν, στα χθεσινά τροχαία. Στη Θεσσαλονίκη, φορτηγό έπεσε πάνω σε ομάδα περιέργων που είχαν συγκεντρωθεί μετά από ασήμαντη σύγκρουση δύο αυτοκινήτων. Ο οδηγός του φορτηγού εγκατέλειψε το όχημα και καταδιώκεται από τις αρχές.

ΣΕ ΔΙΠΛΑΣΙΑ ΤΙΜΗ ΠΟΥΛΟΥΣΕ ΤΑ ΣΟΥΒΛΑΚΙΑ

Το ατύχημα έγινε στη Σταυρούπολη, όταν φορτηγό που οδηγούσε άγνωστος, για άγνωστη αιτία, έπεσε σε πεζούς που παρακολουθούσαν σύγκρουση δύο αυτοκινήτων. Σκοτώθηκαν η Θεοφάνη Ματόλιου, 40 ετών, και ο Στέργιος Σταματίδης, 55 ετών.

ΤΣΙΓΓΑΝΑ «ΜΑΓΙΣΣΑ» ΤΗΣ ΠΗΡΕ 86.000 ΔΡΧ.

Εφτά άτομα σκοτώθηκαν και άλλα τραυματίστηκαν, στα χθεσινά τροχαία. Στη Θεσσαλονίκη, φορτηγό έπεσε πάνω σε ομάδα περιέργων που είχαν συγκεντρωθεί μετά από ασήμαντη σύγκρουση δύο αυτοκινήτων. Ο οδηγός του φορτηγού εγκατέλειψε το όχημα και καταδιώκεται από τις αρχές.

Γιά νά έφαρμοστεί ό νόμος 815
ΑΛΛΑΓΗ ΣΕ ΟΛΟΚΛΗΡΟ ΤΟ ΕΞΕΤΑΣΤΙΚΟ ΣΥΣΤΗΜΑ ΖΗΤΗΣΕ Η ΣΥΓΚΛΗΤΟΣ
Ηδη, έχει χάσει χρονιά τό 24,8% τών πρωτοετών φοιτητών.- Διαγράφεται ό ένας στούς δύο φοιτητές.-

Εφτά άτομα σκοτώθηκαν και άλλα τραυματίστηκαν, στα χθεσινά τροχαία. Στη Θεσσαλονίκη, φορτηγό έπεσε πάνω σε ομάδα περιέργων που είχαν συγκεντρωθεί μετά από ασήμαντη σύγκρουση δύο αυτοκινήτων. Ο οδηγός του φορτηγού εγκατέλειψε το όχημα και καταδιώκεται από τις αρχές.

Το ατύχημα έγινε στη Σταυρούπολη, όταν φορτηγό που οδηγούσε άγνωστος, για άγνωστη αιτία, έπεσε σε πεζούς που παρακολουθούσαν σύγκρουση δύο αυτοκινήτων. Σκοτώθηκαν η Θεοφάνη Ματόλιου, 40 ετών, και ο Στέργιος Σταματίδης, 55 ετών.

Εφτά άτομα σκοτώθηκαν και άλλα τραυματίστηκαν, στα χθεσινά τροχαία. Στη Θεσσαλονίκη, φορτηγό έπεσε πάνω σε ομάδα περιέργων που είχαν συγκεντρωθεί μετά από ασήμαντη σύγκρουση δύο αυτοκινήτων. Ο οδηγός του φορτηγού εγκατέλειψε το όχημα και καταδιώκεται από τις αρχές.

Το ατύχημα έγινε στη Σταυρούπολη, όταν φορτηγό που οδηγούσε άγνωστος, για άγνωστη αιτία, έπεσε σε πεζούς που παρακολουθούσαν σύγκρουση δύο αυτοκινήτων. Σκοτώθηκαν η Θεοφάνη Ματόλιου, 40 ετών, και ο Στέργιος Σταματίδης, 55 ετών.

Εφτά άτομα σκοτώθηκαν και άλλα τραυματίστηκαν, στα χθεσινά τροχαία. Στη Θεσσαλονίκη, φορτηγό έπεσε πάνω σε ομάδα περιέργων που είχαν συγκεντρωθεί μετά από ασήμαντη σύγκρουση δύο αυτοκινήτων. Ο οδηγός του φορτηγού εγκατέλειψε το όχημα και καταδιώκεται από τις αρχές.

Το ατύχημα έγινε στη Σταυρούπολη, όταν φορτηγό που οδηγούσε άγνωστος, για άγνωστη αιτία, έπεσε σε πεζούς που παρακολουθούσαν σύγκρουση δύο αυτοκινήτων. Σκοτώθηκαν η Θεοφάνη Ματόλιου, 40 ετών, και ο Στέργιος Σταματίδης, 55 ετών.

Εφτά άτομα σκοτώθηκαν και άλλα τραυματίστηκαν, στα χθεσινά τροχαία. Στη Θεσσαλονίκη, φορτηγό έπεσε πάνω σε ομάδα περιέργων που είχαν συγκεντρωθεί μετά από ασήμαντη σύγκρουση δύο αυτοκινήτων. Ο οδηγός του φορτηγού εγκατέλειψε το όχημα και καταδιώκεται από τις αρχές.

Το ατύχημα έγινε στη Σταυρούπολη, όταν φορτηγό που οδηγούσε άγνωστος, για άγνωστη αιτία, έπεσε σε πεζούς που παρακολουθούσαν σύγκρουση δύο αυτοκινήτων. Σκοτώθηκαν η Θεοφάνη Ματόλιου, 40 ετών, και ο Στέργιος Σταματίδης, 55 ετών.

Εφτά άτομα σκοτώθηκαν και άλλα τραυματίστηκαν, στα χθεσινά τροχαία. Στη Θεσσαλονίκη, φορτηγό έπεσε πάνω σε ομάδα περιέργων που είχαν συγκεντρωθεί μετά από ασήμαντη σύγκρουση δύο αυτοκινήτων. Ο οδηγός του φορτηγού εγκατέλειψε το όχημα και καταδιώκεται από τις αρχές.

Συνέχεια κι αυτό στην Αθήνα
Μητροπολίτες θύματα πρωτότυπου άπατεώνα
Μέ έπιστολές ζητούσε, ώς βοηθός σέ άνύπαρκτη κλινική, βοήθεια γιά καρκινοπαθείς.- Δεσπότης δέν πείστηκε

Εφτά άτομα σκοτώθηκαν και άλλα τραυματίστηκαν, στα χθεσινά τροχαία. Στη Θεσσαλονίκη, φορτηγό έπεσε πάνω σε ομάδα περιέργων που είχαν συγκεντρωθεί μετά από ασήμαντη σύγκρουση δύο αυτοκινήτων. Ο οδηγός του φορτηγού εγκατέλειψε το όχημα και καταδιώκεται από τις αρχές.

Το ατύχημα έγινε στη Σταυρούπολη, όταν φορτηγό που οδηγούσε άγνωστος, για άγνωστη αιτία, έπεσε σε πεζούς που παρακολουθούσαν σύγκρουση δύο αυτοκινήτων. Σκοτώθηκαν η Θεοφάνη Ματόλιου, 40 ετών, και ο Στέργιος Σταματίδης, 55 ετών.

Εφτά άτομα σκοτώθηκαν και άλλα τραυματίστηκαν, στα χθεσινά τροχαία. Στη Θεσσαλονίκη, φορτηγό έπεσε πάνω σε ομάδα περιέργων που είχαν συγκεντρωθεί μετά από ασήμαντη σύγκρουση δύο αυτοκινήτων. Ο οδηγός του φορτηγού εγκατέλειψε το όχημα και καταδιώκεται από τις αρχές.

Το ατύχημα έγινε στη Σταυρούπολη, όταν φορτηγό που οδηγούσε άγνωστος, για άγνωστη αιτία, έπεσε σε πεζούς που παρακολουθούσαν σύγκρουση δύο αυτοκινήτων. Σκοτώθηκαν η Θεοφάνη Ματόλιου, 40 ετών, και ο Στέργιος Σταματίδης, 55 ετών.

Το ατύχημα έγινε στη Σταυρούπολη, όταν φορτηγό που οδηγούσε άγνωστος, για άγνωστη αιτία, έπεσε σε πεζούς που παρακολουθούσαν σύγκρουση δύο αυτοκινήτων. Σκοτώθηκαν η Θεοφάνη Ματόλιου, 40 ετών, και ο Στέργιος Σταματίδης, 55 ετών.

Εφτά άτομα σκοτώθηκαν και άλλα τραυματίστηκαν, στα χθεσινά τροχαία. Στη Θεσσαλονίκη, φορτηγό έπεσε πάνω σε ομάδα περιέργων που είχαν συγκεντρωθεί μετά από ασήμαντη σύγκρουση δύο αυτοκινήτων. Ο οδηγός του φορτηγού εγκατέλειψε το όχημα και καταδιώκεται από τις αρχές.

Το ατύχημα έγινε στη Σταυρούπολη, όταν φορτηγό που οδηγούσε άγνωστος, για άγνωστη αιτία, έπεσε σε πεζούς που παρακολουθούσαν σύγκρουση δύο αυτοκινήτων. Σκοτώθηκαν η Θεοφάνη Ματόλιου, 40 ετών, και ο Στέργιος Σταματίδης, 55 ετών.

Εφτά άτομα σκοτώθηκαν και άλλα τραυματίστηκαν, στα χθεσινά τροχαία. Στη Θεσσαλονίκη, φορτηγό έπεσε πάνω σε ομάδα περιέργων που είχαν συγκεντρωθεί μετά από ασήμαντη σύγκρουση δύο αυτοκινήτων. Ο οδηγός του φορτηγού εγκατέλειψε το όχημα και καταδιώκεται από τις αρχές.

Εφτά άτομα σκοτώθηκαν και άλλα τραυματίστηκαν, στα χθεσινά τροχαία. Στη Θεσσαλονίκη, φορτηγό έπεσε πάνω σε ομάδα περιέργων που είχαν συγκεντρωθεί μετά από ασήμαντη σύγκρουση δύο αυτοκινήτων. Ο οδηγός του φορτηγού εγκατέλειψε το όχημα και καταδιώκεται από τις αρχές.

Το ατύχημα έγινε στη Σταυρούπολη, όταν φορτηγό που οδηγούσε άγνωστος, για άγνωστη αιτία, έπεσε σε πεζούς που παρακολουθούσαν σύγκρουση δύο αυτοκινήτων. Σκοτώθηκαν η Θεοφάνη Ματόλιου, 40 ετών, και ο Στέργιος Σταματίδης, 55 ετών.

Εφτά άτομα σκοτώθηκαν και άλλα τραυματίστηκαν, στα χθεσινά τροχαία. Στη Θεσσαλονίκη, φορτηγό έπεσε πάνω σε ομάδα περιέργων που είχαν συγκεντρωθεί μετά από ασήμαντη σύγκρουση δύο αυτοκινήτων. Ο οδηγός του φορτηγού εγκατέλειψε το όχημα και καταδιώκεται από τις αρχές.

Το ατύχημα έγινε στη Σταυρούπολη, όταν φορτηγό που οδηγούσε άγνωστος, για άγνωστη αιτία, έπεσε σε πεζούς που παρακολουθούσαν σύγκρουση δύο αυτοκινήτων. Σκοτώθηκαν η Θεοφάνη Ματόλιου, 40 ετών, και ο Στέργιος Σταματίδης, 55 ετών.

Σελίδα 3
ΜΑΤΑΙΩΝΟΝΤΑΙ ΕΚΔΗΛΩΣΕΙΣ ΤΗΣ ΝΕΑΣ ΔΗΜΟΚΡΑΤΙΑΣ ΘΕΣΣΑΛΟΝΙΚΗΣ
ΣΤΟΥΣ ΠΛΗΜΜΥΡΟΠΑΘΕΙΣ ΤΑ ΠΟΣΑ ΠΟΥ ΘΑ ΞΟΔΕΥΟΝΤΑΝ

Το προεδρείο της νομαρχιακής επιτροπής Νέας Δημοκρατίας Θεσσαλονίκης, ύστερα από τη σύσκεψη που έγινε με τη συμμετοχή των βουλευτών του νομού, αποφάσισε να ματαιωθούν όλες οι εκδηλώσεις που είχαν προγραμματιστεί και τα ποσά να διατεθούν στους πλημμυροπαθείς.

Το προεδρείο της νομαρχιακής επιτροπής Νέας Δημοκρατίας Θεσσαλονίκης, ύστερα από τη σύσκεψη που έγινε με τη συμμετοχή των βουλευτών του νομού, αποφάσισε να ματαιωθούν όλες οι εκδηλώσεις που είχαν προγραμματιστεί και τα ποσά να διατεθούν στους πλημμυροπαθείς.

Το προεδρείο της νομαρχιακής επιτροπής Νέας Δημοκρατίας Θεσσαλονίκης, ύστερα από τη σύσκεψη που έγινε με τη συμμετοχή των βουλευτών του νομού, αποφάσισε να ματαιωθούν όλες οι εκδηλώσεις που είχαν προγραμματιστεί και τα ποσά να διατεθούν στους πλημμυροπαθείς.

ΣΤΗΝ ΑΘΗΝΑ
ΕΠΕΣΕ ΑΠΟ ΔΙΑΜΕΡΙΣΜΑ ΠΟΥ ΠΗΓΕ ΝΑ ΑΓΟΡΑΣΕΙ
ΤΡΑΥΜΑΤΙΣΤΗΚΕ ΣΟΒΑΡΑ

ΑΘΗΝΑ, 21.– Διακομίσθηκε στο Λαϊκό νοσοκομείο η εμπορευόμενη Χρύσα Παλλάκη, 38 ετών, η οποία έπεσε από το διαμέρισμα που είχε πάει να αγοράσει. Η κατάσταση της υγείας της κρίνεται σοβαρή.

ΑΘΗΝΑ, 21.– Διακομίσθηκε στο Λαϊκό νοσοκομείο η εμπορευόμενη Χρύσα Παλλάκη, 38 ετών, η οποία έπεσε από το διαμέρισμα που είχε πάει να αγοράσει. Η κατάσταση της υγείας της κρίνεται σοβαρή.

ΑΛΛΕΣ 39 ΕΛΛΗΝΙΔΕΣ ΚΑΛΟΥΝΤΑΙ ΠΡΟΣ ΚΑΤΑΤΑΞΗ ΣΤΟ ΠΟΛΕΜΙΚΟ ΝΑΥΤΙΚΟ

ΑΘΗΝΑ, 21.– Καλείται προς κατάταξη στο πολεμικό ναυτικό στις 26 Νοεμβρίου η τρίτη σειρά Ελληνίδων που συμμετείχαν στον διαγωνισμό.

ΑΘΗΝΑ, 21.– Καλείται προς κατάταξη στο πολεμικό ναυτικό στις 26 Νοεμβρίου η τρίτη σειρά Ελληνίδων που συμμετείχαν στον διαγωνισμό.

ΑΘΗΝΑ, 21.– Καλείται προς κατάταξη στο πολεμικό ναυτικό στις 26 Νοεμβρίου η τρίτη σειρά Ελληνίδων που συμμετείχαν στον διαγωνισμό.

ΔΕΝ ΛΕΙΤΟΥΡΓΕΙ Ο ΑΝΑΜΕΤΑΔΟΤΗΣ ΤΗΣ Υ.ΕΝΕ.Δ. ΣΤΟ ΠΗΛΙΟ

ΑΘΗΝΑ, 21.– Καλείται προς κατάταξη στο πολεμικό ναυτικό στις 26 Νοεμβρίου η τρίτη σειρά Ελληνίδων που συμμετείχαν στον διαγωνισμό.

ΑΘΗΝΑ, 21.– Καλείται προς κατάταξη στο πολεμικό ναυτικό στις 26 Νοεμβρίου η τρίτη σειρά Ελληνίδων που συμμετείχαν στον διαγωνισμό.

2.000 ΝΕΑ ΤΗΛΕΦΩΝΑ ΘΑ ΛΕΙΤΟΥΡΓΗΣΟΥΝ ΣΤΗΝ ΠΕΡΙΟΧΗ ΤΗΣ ΤΟΥΜΠΑΣ

Το προεδρείο της νομαρχιακής επιτροπής Νέας Δημοκρατίας Θεσσαλονίκης, ύστερα από τη σύσκεψη που έγινε με τη συμμετοχή των βουλευτών του νομού, αποφάσισε να ματαιωθούν όλες οι εκδηλώσεις που είχαν προγραμματιστεί και τα ποσά να διατεθούν στους πλημμυροπαθείς.

Το προεδρείο της νομαρχιακής επιτροπής Νέας Δημοκρατίας Θεσσαλονίκης, ύστερα από τη σύσκεψη που έγινε με τη συμμετοχή των βουλευτών του νομού, αποφάσισε να ματαιωθούν όλες οι εκδηλώσεις που είχαν προγραμματιστεί και τα ποσά να διατεθούν στους πλημμυροπαθείς.

ΕΓΙΝΑΝ ΤΑ ΕΓΚΑΙΝΙΑ ΤΗΣ ΕΚΘΕΣΗΣ ΑΡΜΕΝΙΚΗΣ ΤΕΧΝΗΣ ΣΤΗ ΘΕΣΣΑΛΟΝΙΚΗ

Το προεδρείο της νομαρχιακής επιτροπής Νέας Δημοκρατίας Θεσσαλονίκης, ύστερα από τη σύσκεψη που έγινε με τη συμμετοχή των βουλευτών του νομού, αποφάσισε να ματαιωθούν όλες οι εκδηλώσεις που είχαν προγραμματιστεί και τα ποσά να διατεθούν στους πλημμυροπαθείς.

ΑΘΗΝΑ, 21.– Διακομίσθηκε στο Λαϊκό νοσοκομείο η εμπορευόμενη Χρύσα Παλλάκη, 38 ετών, η οποία έπεσε από το διαμέρισμα που είχε πάει να αγοράσει. Η κατάσταση της υγείας της κρίνεται σοβαρή.

Το προεδρείο της νομαρχιακής επιτροπής Νέας Δημοκρατίας Θεσσαλονίκης, ύστερα από τη σύσκεψη που έγινε με τη συμμετοχή των βουλευτών του νομού, αποφάσισε να ματαιωθούν όλες οι εκδηλώσεις που είχαν προγραμματιστεί και τα ποσά να διατεθούν στους πλημμυροπαθείς.

ΣΕΜΙΝΑΡΙΟ ΓΙΑ ΤΗΝ Ε.Ο.Κ. ΑΡΧΙΣΕ ΣΤΗΝ ΚΟΜΟΤΗΝΗ

ΑΘΗΝΑ, 21.– Καλείται προς κατάταξη στο πολεμικό ναυτικό στις 26 Νοεμβρίου η τρίτη σειρά Ελληνίδων που συμμετείχαν στον διαγωνισμό.

ΑΘΗΝΑ, 21.– Καλείται προς κατάταξη στο πολεμικό ναυτικό στις 26 Νοεμβρίου η τρίτη σειρά Ελληνίδων που συμμετείχαν στον διαγωνισμό.
